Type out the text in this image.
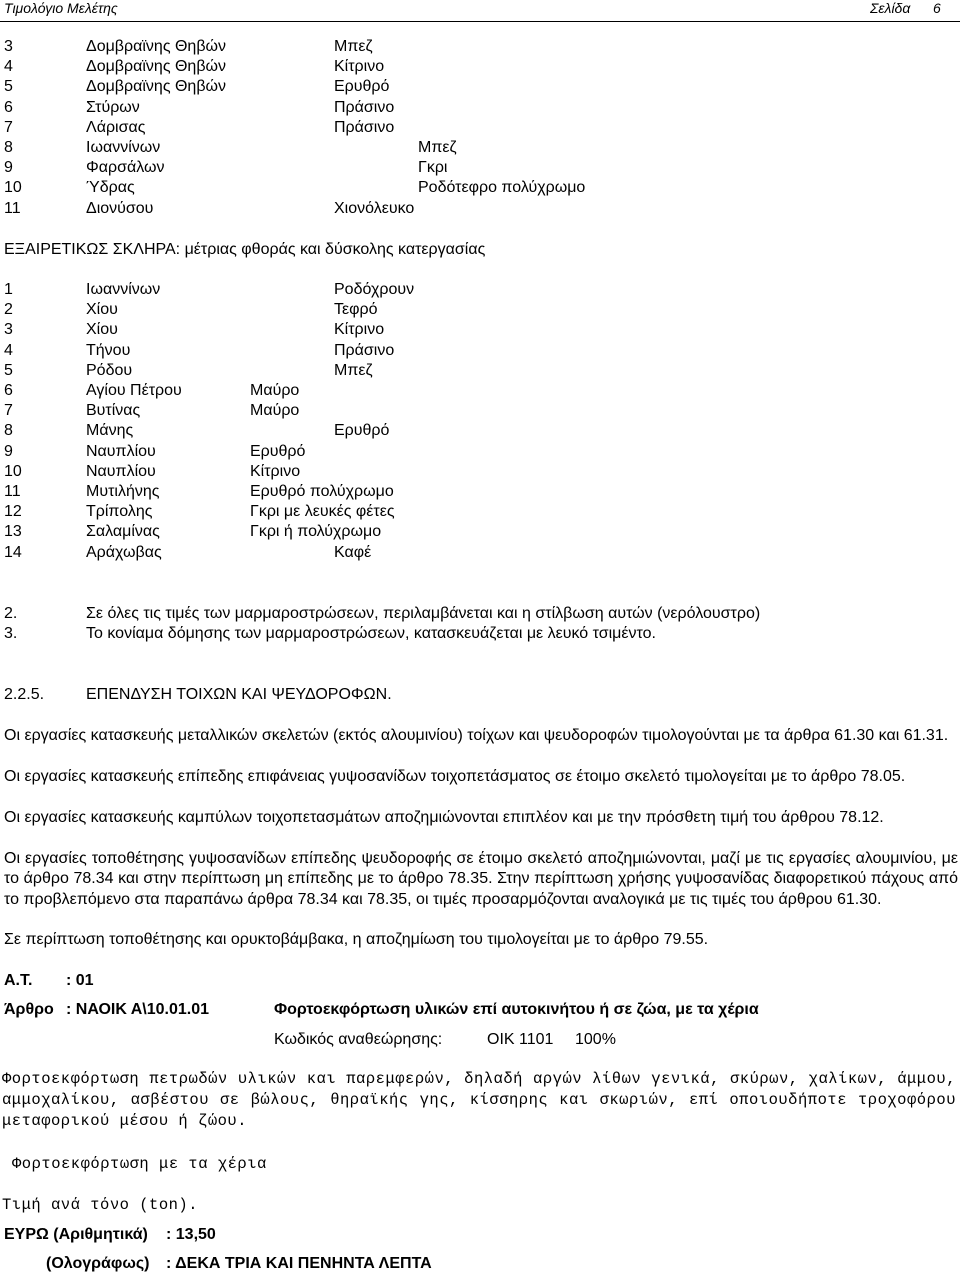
Τιμολόγιο Μελέτης	Σελίδα 6
3	Δομβραϊνης Θηβών	Μπεζ
4	Δομβραϊνης Θηβών	Κίτρινο
5	Δομβραϊνης Θηβών	Ερυθρό
6	Στύρων	Πράσινο
7	Λάρισας	Πράσινο
8	Ιωαννίνων	Μπεζ
9	Φαρσάλων	Γκρι
10	Ύδρας	Ροδότεφρο πολύχρωμο
11	Διονύσου	Χιονόλευκο
ΕΞΑΙΡΕΤΙΚΩΣ ΣΚΛΗΡΑ: μέτριας φθοράς και δύσκολης κατεργασίας
1	Ιωαννίνων	Ροδόχρουν
2	Χίου	Τεφρό
3	Χίου	Κίτρινο
4	Τήνου	Πράσινο
5	Ρόδου	Μπεζ
6	Αγίου Πέτρου	Μαύρο
7	Βυτίνας	Μαύρο
8	Μάνης	Ερυθρό
9	Ναυπλίου	Ερυθρό
10	Ναυπλίου	Κίτρινο
11	Μυτιλήνης	Ερυθρό πολύχρωμο
12	Τρίπολης	Γκρι με λευκές φέτες
13	Σαλαμίνας	Γκρι ή πολύχρωμο
14	Αράχωβας	Καφέ
2.	Σε όλες τις τιμές των μαρμαροστρώσεων, περιλαμβάνεται και η στίλβωση αυτών (νερόλουστρο)
3.	Το κονίαμα δόμησης των μαρμαροστρώσεων, κατασκευάζεται με λευκό τσιμέντο.
2.2.5.	ΕΠΕΝΔΥΣΗ ΤΟΙΧΩΝ ΚΑΙ ΨΕΥΔΟΡΟΦΩΝ.
Οι εργασίες κατασκευής μεταλλικών σκελετών (εκτός αλουμινίου) τοίχων και ψευδοροφών τιμολογούνται με τα άρθρα 61.30 και 61.31.
Οι εργασίες κατασκευής επίπεδης επιφάνειας γυψοσανίδων τοιχοπετάσματος σε έτοιμο σκελετό τιμολογείται με το άρθρο 78.05.
Οι εργασίες κατασκευής καμπύλων τοιχοπετασμάτων αποζημιώνονται επιπλέον και με την πρόσθετη τιμή του άρθρου 78.12.
Οι εργασίες τοποθέτησης γυψοσανίδων επίπεδης ψευδοροφής σε έτοιμο σκελετό αποζημιώνονται, μαζί με τις εργασίες αλουμινίου, με το άρθρο 78.34 και στην περίπτωση μη επίπεδης με το άρθρο 78.35. Στην περίπτωση χρήσης γυψοσανίδας διαφορετικού πάχους από το προβλεπόμενο στα παραπάνω άρθρα 78.34 και 78.35, οι τιμές προσαρμόζονται αναλογικά με τις τιμές του άρθρου 61.30.
Σε περίπτωση τοποθέτησης και ορυκτοβάμβακα, η αποζημίωση του τιμολογείται με το άρθρο 79.55.
Α.Τ. : 01
Άρθρο : ΝΑΟΙΚ Α\10.01.01	Φορτοεκφόρτωση υλικών επί αυτοκινήτου ή σε ζώα, με τα χέρια
Κωδικός αναθεώρησης:	ΟΙΚ 1101 100%
Φορτοεκφόρτωση πετρωδών υλικών και παρεμφερών, δηλαδή αργών λίθων γενικά, σκύρων, χαλίκων, άμμου, αμμοχαλίκου, ασβέστου σε βώλους, θηραϊκής γης, κίσσηρης και σκωριών, επί οποιουδήποτε τροχοφόρου μεταφορικού μέσου ή ζώου.
Φορτοεκφόρτωση με τα χέρια
Τιμή ανά τόνο (ton).
ΕΥΡΩ (Αριθμητικά) : 13,50
(Ολογράφως) : ΔΕΚΑ ΤΡΙΑ ΚΑΙ ΠΕΝΗΝΤΑ ΛΕΠΤΑ
